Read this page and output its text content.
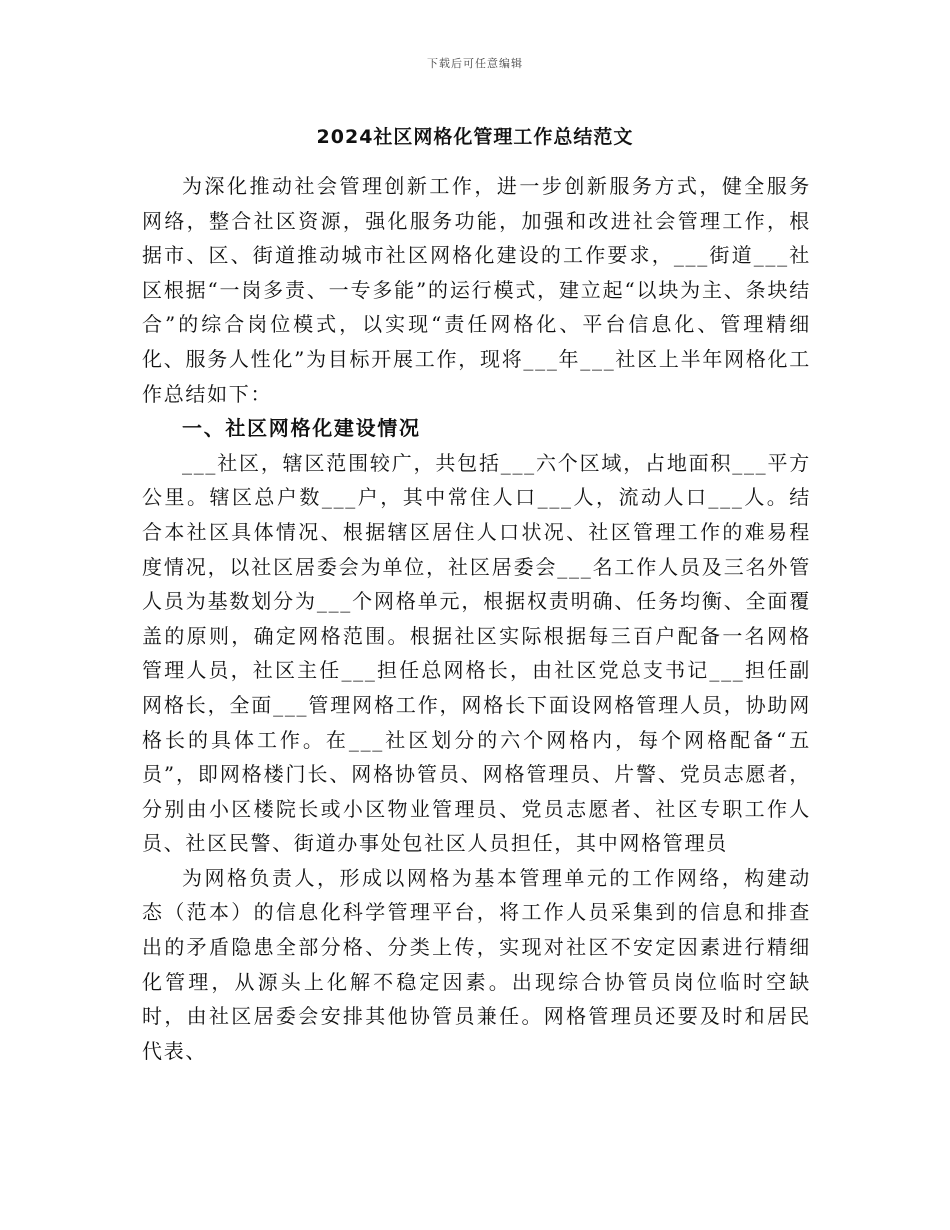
下载后可任意编辑
2024社区网格化管理工作总结范文

为深化推动社会管理创新工作，进一步创新服务方式，健全服务网络，整合社区资源，强化服务功能，加强和改进社会管理工作，根据市、区、街道推动城市社区网格化建设的工作要求，___街道___社区根据“一岗多责、一专多能”的运行模式，建立起“以块为主、条块结合”的综合岗位模式，以实现“责任网格化、平台信息化、管理精细化、服务人性化”为目标开展工作，现将___年___社区上半年网格化工作总结如下：

一、社区网格化建设情况

___社区，辖区范围较广，共包括___六个区域，占地面积___平方公里。辖区总户数___户，其中常住人口___人，流动人口___人。结合本社区具体情况、根据辖区居住人口状况、社区管理工作的难易程度情况，以社区居委会为单位，社区居委会___名工作人员及三名外管人员为基数划分为___个网格单元，根据权责明确、任务均衡、全面覆盖的原则，确定网格范围。根据社区实际根据每三百户配备一名网格管理人员，社区主任___担任总网格长，由社区党总支书记___担任副网格长，全面___管理网格工作，网格长下面设网格管理人员，协助网格长的具体工作。在___社区划分的六个网格内，每个网格配备“五员”，即网格楼门长、网格协管员、网格管理员、片警、党员志愿者，分别由小区楼院长或小区物业管理员、党员志愿者、社区专职工作人员、社区民警、街道办事处包社区人员担任，其中网格管理员

为网格负责人，形成以网格为基本管理单元的工作网络，构建动态（范本）的信息化科学管理平台，将工作人员采集到的信息和排查出的矛盾隐患全部分格、分类上传，实现对社区不安定因素进行精细化管理，从源头上化解不稳定因素。出现综合协管员岗位临时空缺时，由社区居委会安排其他协管员兼任。网格管理员还要及时和居民代表、
